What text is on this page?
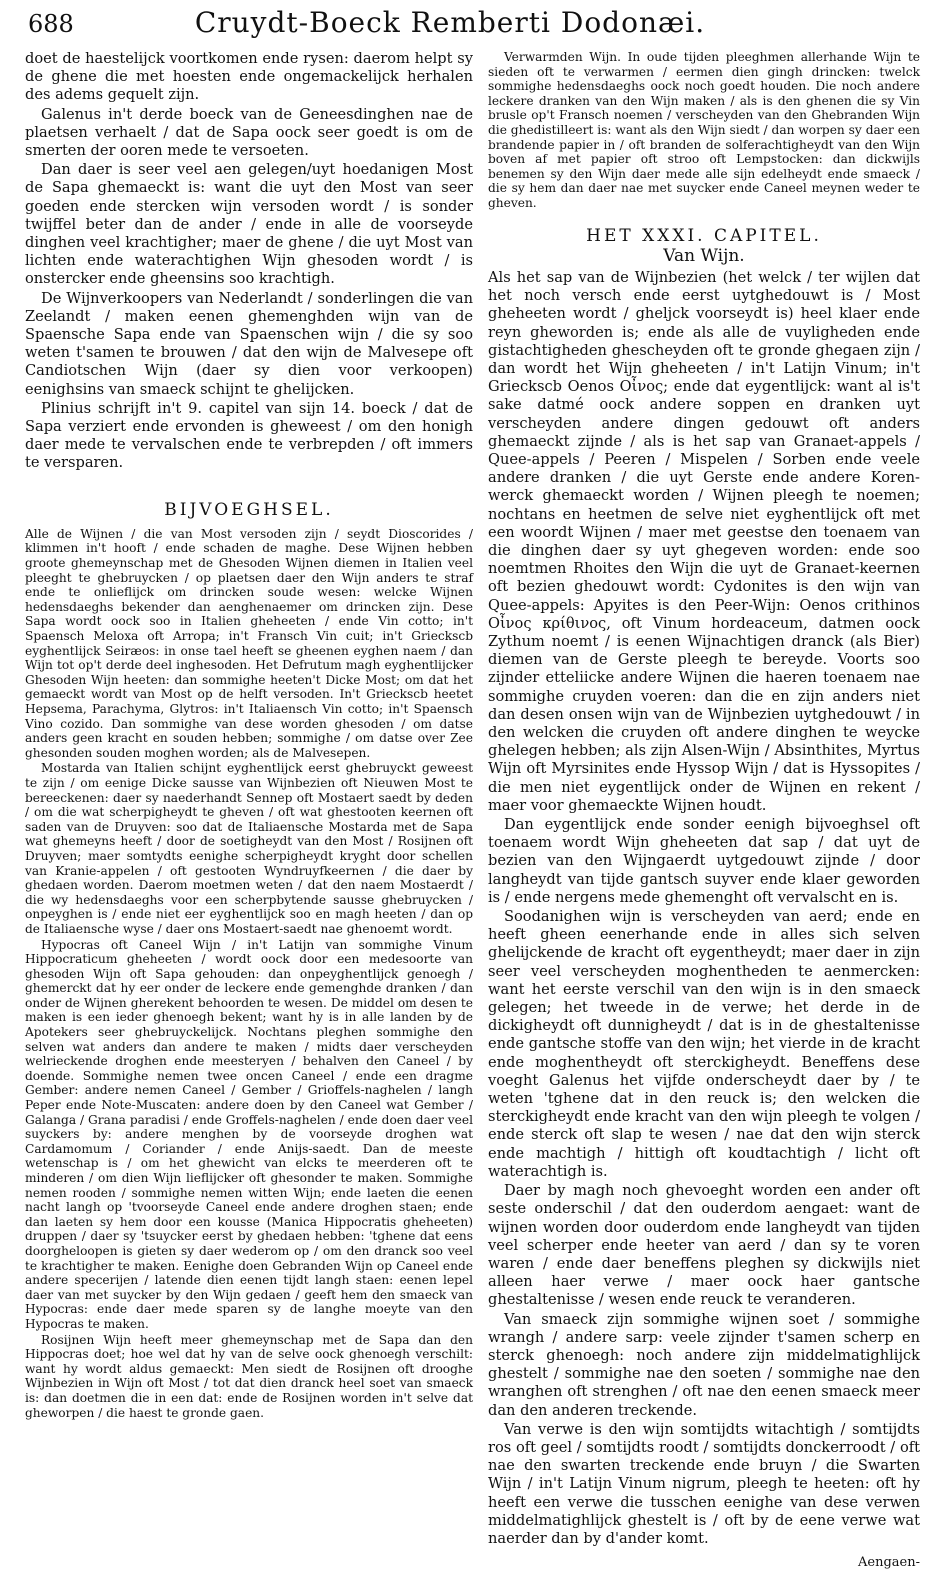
688	Cruydt-Boeck Remberti Dodonæi.

doet de haestelijck voortkomen ende rysen: daerom helpt sy de ghene die met hoesten ende ongemackelijck herhalen des adems gequelt zijn.

Galenus in't derde boeck van de Geneesdinghen nae de plaetsen verhaelt / dat de Sapa oock seer goedt is om de smerten der ooren mede te versoeten.

Dan daer is seer veel aen gelegen/uyt hoedanigen Most de Sapa ghemaeckt is: want die uyt den Most van seer goeden ende stercken wijn versoden wordt / is sonder twijffel beter dan de ander / ende in alle de voorseyde dinghen veel krachtigher; maer de ghene / die uyt Most van lichten ende waterachtighen Wijn ghesoden wordt / is onstercker ende gheensins soo krachtigh.

De Wijnverkoopers van Nederlandt / sonderlingen die van Zeelandt / maken eenen ghemenghden wijn van de Spaensche Sapa ende van Spaenschen wijn / die sy soo weten t'samen te brouwen / dat den wijn de Malvesepe oft Candiotschen Wijn (daer sy dien voor verkoopen) eenighsins van smaeck schijnt te ghelijcken.

Plinius schrijft in't 9. capitel van sijn 14. boeck / dat de Sapa verziert ende ervonden is gheweest / om den honigh daer mede te vervalschen ende te verbrepden / oft immers te versparen.

BIJVOEGHSEL.

Alle de Wijnen / die van Most versoden zijn / seydt Dioscorides / klimmen in't hooft / ende schaden de maghe. Dese Wijnen hebben groote ghemeynschap met de Ghesoden Wijnen diemen in Italien veel pleeght te ghebruycken / op plaetsen daer den Wijn anders te straf ende te onlieflijck om drincken soude wesen: welcke Wijnen hedensdaeghs bekender dan aenghenaemer om drincken zijn. Dese Sapa wordt oock soo in Italien gheheeten / ende Vin cotto; in't Spaensch Meloxa oft Arropa; in't Fransch Vin cuit; in't Grieckscb eyghentlijck Seiræos: in onse tael heeft se gheenen eyghen naem / dan Wijn tot op't derde deel inghesoden. Het Defrutum magh eyghentlijcker Ghesoden Wijn heeten: dan sommighe heeten't Dicke Most; om dat het gemaeckt wordt van Most op de helft versoden. In't Grieckscb heetet Hepsema, Parachyma, Glytros: in't Italiaensch Vin cotto; in't Spaensch Vino cozido. Dan sommighe van dese worden ghesoden / om datse anders geen kracht en souden hebben; sommighe / om datse over Zee ghesonden souden moghen worden; als de Malvesepen.

Mostarda van Italien schijnt eyghentlijck eerst ghebruyckt geweest te zijn / om eenige Dicke sausse van Wijnbezien oft Nieuwen Most te bereeckenen: daer sy naederhandt Sennep oft Mostaert saedt by deden / om die wat scherpigheydt te gheven / oft wat ghestooten keernen oft saden van de Druyven: soo dat de Italiaensche Mostarda met de Sapa wat ghemeyns heeft / door de soetigheydt van den Most / Rosijnen oft Druyven; maer somtydts eenighe scherpigheydt kryght door schellen van Kranie-appelen / oft gestooten Wyndruyfkeernen / die daer by ghedaen worden. Daerom moetmen weten / dat den naem Mostaerdt / die wy hedensdaeghs voor een scherpbytende sausse ghebruycken / onpeyghen is / ende niet eer eyghentlijck soo en magh heeten / dan op de Italiaensche wyse / daer ons Mostaert-saedt nae ghenoemt wordt.

Hypocras oft Caneel Wijn / in't Latijn van sommighe Vinum Hippocraticum gheheeten / wordt oock door een medesoorte van ghesoden Wijn oft Sapa gehouden: dan onpeyghentlijck genoegh / ghemerckt dat hy eer onder de leckere ende gemenghde dranken / dan onder de Wijnen gherekent behoorden te wesen. De middel om desen te maken is een ieder ghenoegh bekent; want hy is in alle landen by de Apotekers seer ghebruyckelijck. Nochtans pleghen sommighe den selven wat anders dan andere te maken / midts daer verscheyden welrieckende droghen ende meesteryen / behalven den Caneel / by doende. Sommighe nemen twee oncen Caneel / ende een dragme Gember: andere nemen Caneel / Gember / Grioffels-naghelen / langh Peper ende Note-Muscaten: andere doen by den Caneel wat Gember / Galanga / Grana paradisi / ende Groffels-naghelen / ende doen daer veel suyckers by: andere menghen by de voorseyde droghen wat Cardamomum / Coriander / ende Anijs-saedt. Dan de meeste wetenschap is / om het ghewicht van elcks te meerderen oft te minderen / om dien Wijn lieflijcker oft ghesonder te maken. Sommighe nemen rooden / sommighe nemen witten Wijn; ende laeten die eenen nacht langh op 'tvoorseyde Caneel ende andere droghen staen; ende dan laeten sy hem door een kousse (Manica Hippocratis gheheeten) druppen / daer sy 'tsuycker eerst by ghedaen hebben: 'tghene dat eens doorgheloopen is gieten sy daer wederom op / om den dranck soo veel te krachtigher te maken. Eenighe doen Gebranden Wijn op Caneel ende andere specerijen / latende dien eenen tijdt langh staen: eenen lepel daer van met suycker by den Wijn gedaen / geeft hem den smaeck van Hypocras: ende daer mede sparen sy de langhe moeyte van den Hypocras te maken.

Rosijnen Wijn heeft meer ghemeynschap met de Sapa dan den Hippocras doet; hoe wel dat hy van de selve oock ghenoegh verschilt: want hy wordt aldus gemaeckt: Men siedt de Rosijnen oft drooghe Wijnbezien in Wijn oft Most / tot dat dien dranck heel soet van smaeck is: dan doetmen die in een dat: ende de Rosijnen worden in't selve dat gheworpen / die haest te gronde gaen.

Verwarmden Wijn. In oude tijden pleeghmen allerhande Wijn te sieden oft te verwarmen / eermen dien gingh drincken: twelck sommighe hedensdaeghs oock noch goedt houden. Die noch andere leckere dranken van den Wijn maken / als is den ghenen die sy Vin brusle op't Fransch noemen / verscheyden van den Ghebranden Wijn die ghedistilleert is: want als den Wijn siedt / dan worpen sy daer een brandende papier in / oft branden de solferachtigheydt van den Wijn boven af met papier oft stroo oft Lempstocken: dan dickwijls benemen sy den Wijn daer mede alle sijn edelheydt ende smaeck / die sy hem dan daer nae met suycker ende Caneel meynen weder te gheven.

HET XXXI. CAPITEL.
Van Wijn.

Als het sap van de Wijnbezien (het welck / ter wijlen dat het noch versch ende eerst uytghedouwt is / Most gheheeten wordt / gheljck voorseydt is) heel klaer ende reyn gheworden is; ende als alle de vuyligheden ende gistachtigheden ghescheyden oft te gronde ghegaen zijn / dan wordt het Wijn gheheeten / in't Latijn Vinum; in't Grieckscb Oenos Οἶνος; ende dat eygentlijck: want al is't sake datmé oock andere soppen en dranken uyt verscheyden andere dingen gedouwt oft anders ghemaeckt zijnde / als is het sap van Granaet-appels / Quee-appels / Peeren / Mispelen / Sorben ende veele andere dranken / die uyt Gerste ende andere Koren-werck ghemaeckt worden / Wijnen pleegh te noemen; nochtans en heetmen de selve niet eyghentlijck oft met een woordt Wijnen / maer met geestse den toenaem van die dinghen daer sy uyt ghegeven worden: ende soo noemtmen Rhoites den Wijn die uyt de Granaet-keernen oft bezien ghedouwt wordt: Cydonites is den wijn van Quee-appels: Apyites is den Peer-Wijn: Oenos crithinos Οἶνος κρίθινος, oft Vinum hordeaceum, datmen oock Zythum noemt / is eenen Wijnachtigen dranck (als Bier) diemen van de Gerste pleegh te bereyde. Voorts soo zijnder etteliicke andere Wijnen die haeren toenaem nae sommighe cruyden voeren: dan die en zijn anders niet dan desen onsen wijn van de Wijnbezien uytghedouwt / in den welcken die cruyden oft andere dinghen te weycke ghelegen hebben; als zijn Alsen-Wijn / Absinthites, Myrtus Wijn oft Myrsinites ende Hyssop Wijn / dat is Hyssopites / die men niet eygentlijck onder de Wijnen en rekent / maer voor ghemaeckte Wijnen houdt.

Dan eygentlijck ende sonder eenigh bijvoeghsel oft toenaem wordt Wijn gheheeten dat sap / dat uyt de bezien van den Wijngaerdt uytgedouwt zijnde / door langheydt van tijde gantsch suyver ende klaer geworden is / ende nergens mede ghemenght oft vervalscht en is.

Soodanighen wijn is verscheyden van aerd; ende en heeft gheen eenerhande ende in alles sich selven ghelijckende de kracht oft eygentheydt; maer daer in zijn seer veel verscheyden moghentheden te aenmercken: want het eerste verschil van den wijn is in den smaeck gelegen; het tweede in de verwe; het derde in de dickigheydt oft dunnigheydt / dat is in de ghestaltenisse ende gantsche stoffe van den wijn; het vierde in de kracht ende moghentheydt oft sterckigheydt. Beneffens dese voeght Galenus het vijfde onderscheydt daer by / te weten 'tghene dat in den reuck is; den welcken die sterckigheydt ende kracht van den wijn pleegh te volgen / ende sterck oft slap te wesen / nae dat den wijn sterck ende machtigh / hittigh oft koudtachtigh / licht oft waterachtigh is.

Daer by magh noch ghevoeght worden een ander oft seste onderschil / dat den ouderdom aengaet: want de wijnen worden door ouderdom ende langheydt van tijden veel scherper ende heeter van aerd / dan sy te voren waren / ende daer beneffens pleghen sy dickwijls niet alleen haer verwe / maer oock haer gantsche ghestaltenisse / wesen ende reuck te veranderen.

Van smaeck zijn sommighe wijnen soet / sommighe wrangh / andere sarp: veele zijnder t'samen scherp en sterck ghenoegh: noch andere zijn middelmatighlijck ghestelt / sommighe nae den soeten / sommighe nae den wranghen oft strenghen / oft nae den eenen smaeck meer dan den anderen treckende.

Van verwe is den wijn somtijdts witachtigh / somtijdts ros oft geel / somtijdts roodt / somtijdts donckerroodt / oft nae den swarten treckende ende bruyn / die Swarten Wijn / in't Latijn Vinum nigrum, pleegh te heeten: oft hy heeft een verwe die tusschen eenighe van dese verwen middelmatighlijck ghestelt is / oft by de eene verwe wat naerder dan by d'ander komt.

Aengaen-
